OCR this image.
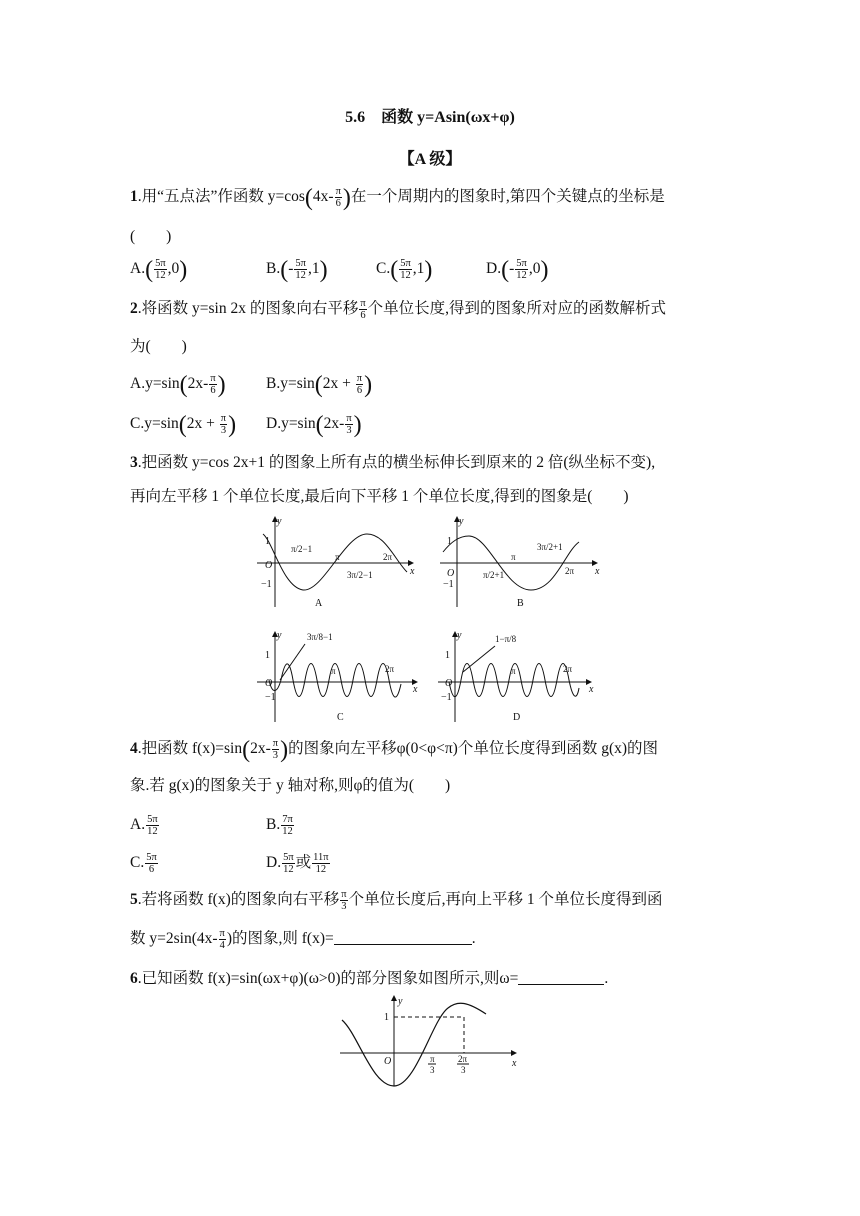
5.6　函数 y=Asin(ωx+φ)
【A 级】
1.用“五点法”作函数 $y=\cos(4x- \frac{\pi}{6}$ )在一个周期内的图象时,第四个关键点的坐标是
(　　)
$A.( \frac{5\pi}{12} ,0)$	$B.(- \frac{5\pi}{12} ,1)$	$C.( \frac{5\pi}{12} ,1)$	$D.(- \frac{5\pi}{12} ,0)$
2.将函数 y=sin 2x 的图象向右平移 $\frac{\pi}{6}$ 个单位长度,得到的图象所对应的函数解析式
为(　　)
$A.y=\sin(2x- \frac{\pi}{6}$ )	$B.y=\sin(2x + \frac{\pi}{6}$ )
$C.y=\sin(2x + \frac{\pi}{3}$ ) $D.y=\sin(2x- \frac{\pi}{3}$ )
3.把函数 y=cos 2x+1 的图象上所有点的横坐标伸长到原来的 2 倍(纵坐标不变),
再向左平移 1 个单位长度,最后向下平移 1 个单位长度,得到的图象是(　　)
y
x
1
O
−1
π/2−1
π
3π/2−1
2π
A
y
x
1
O
−1
π/2+1
π
3π/2+1
2π
B
y
x
1
O
−1
3π/8−1
π	2π
C
y
x
1
O
−1
1−π/8
π	2π
D
4.把函数 $f(x)=\sin(2x- \frac{\pi}{3}$ )的图象向左平移φ(0<φ<π)个单位长度得到函数 g(x)的图
象.若 g(x)的图象关于 y 轴对称,则φ的值为(　　)
A. $\frac{5\pi}{12}$	B. $\frac{7\pi}{12}$
C. $\frac{5\pi}{6}$	D. $\frac{5\pi}{12}$ 或 $\frac{11\pi}{12}$
5.若将函数 f(x)的图象向右平移 $\frac{\pi}{3}$ 个单位长度后,再向上平移 1 个单位长度得到函
数 $y=2\sin(4x- \frac{\pi}{4}$ )的图象,则 f(x)=	.
6.已知函数 f(x)=sin(ωx+φ)(ω>0)的部分图象如图所示,则ω=	.
y
x
1
O	π
3
2π
3
